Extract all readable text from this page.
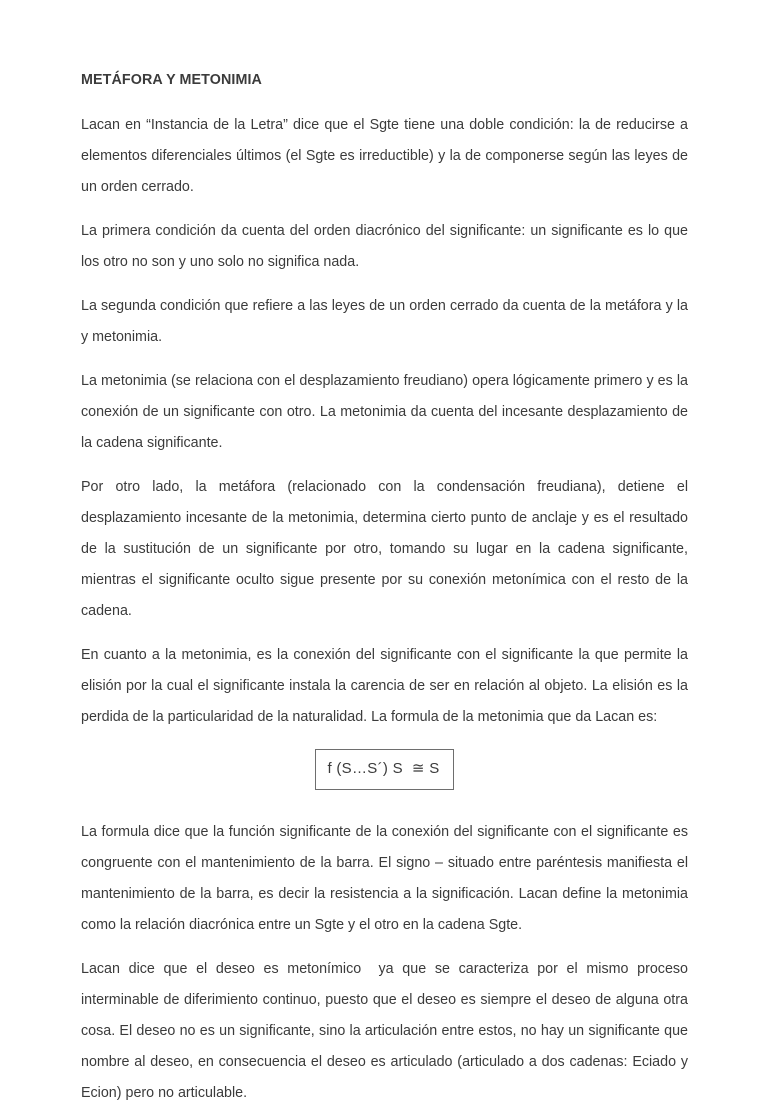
METÁFORA Y METONIMIA

Lacan en “Instancia de la Letra” dice que el Sgte tiene una doble condición: la de reducirse a elementos diferenciales últimos (el Sgte es irreductible) y la de componerse según las leyes de un orden cerrado.

La primera condición da cuenta del orden diacrónico del significante: un significante es lo que los otro no son y uno solo no significa nada.

La segunda condición que refiere a las leyes de un orden cerrado da cuenta de la metáfora y la y metonimia.

La metonimia (se relaciona con el desplazamiento freudiano) opera lógicamente primero y es la conexión de un significante con otro. La metonimia da cuenta del incesante desplazamiento de la cadena significante.

Por otro lado, la metáfora (relacionado con la condensación freudiana), detiene el desplazamiento incesante de la metonimia, determina cierto punto de anclaje y es el resultado de la sustitución de un significante por otro, tomando su lugar en la cadena significante, mientras el significante oculto sigue presente por su conexión metonímica con el resto de la cadena.

En cuanto a la metonimia, es la conexión del significante con el significante la que permite la elisión por la cual el significante instala la carencia de ser en relación al objeto. La elisión es la perdida de la particularidad de la naturalidad. La formula de la metonimia que da Lacan es:

f (S…S´) S  ≅ S

La formula dice que la función significante de la conexión del significante con el significante es congruente con el mantenimiento de la barra. El signo – situado entre paréntesis manifiesta el mantenimiento de la barra, es decir la resistencia a la significación. Lacan define la metonimia como la relación diacrónica entre un Sgte y el otro en la cadena Sgte.

Lacan dice que el deseo es metonímico  ya que se caracteriza por el mismo proceso interminable de diferimiento continuo, puesto que el deseo es siempre el deseo de alguna otra cosa. El deseo no es un significante, sino la articulación entre estos, no hay un significante que nombre al deseo, en consecuencia el deseo es articulado (articulado a dos cadenas: Eciado y Ecion) pero no articulable.
